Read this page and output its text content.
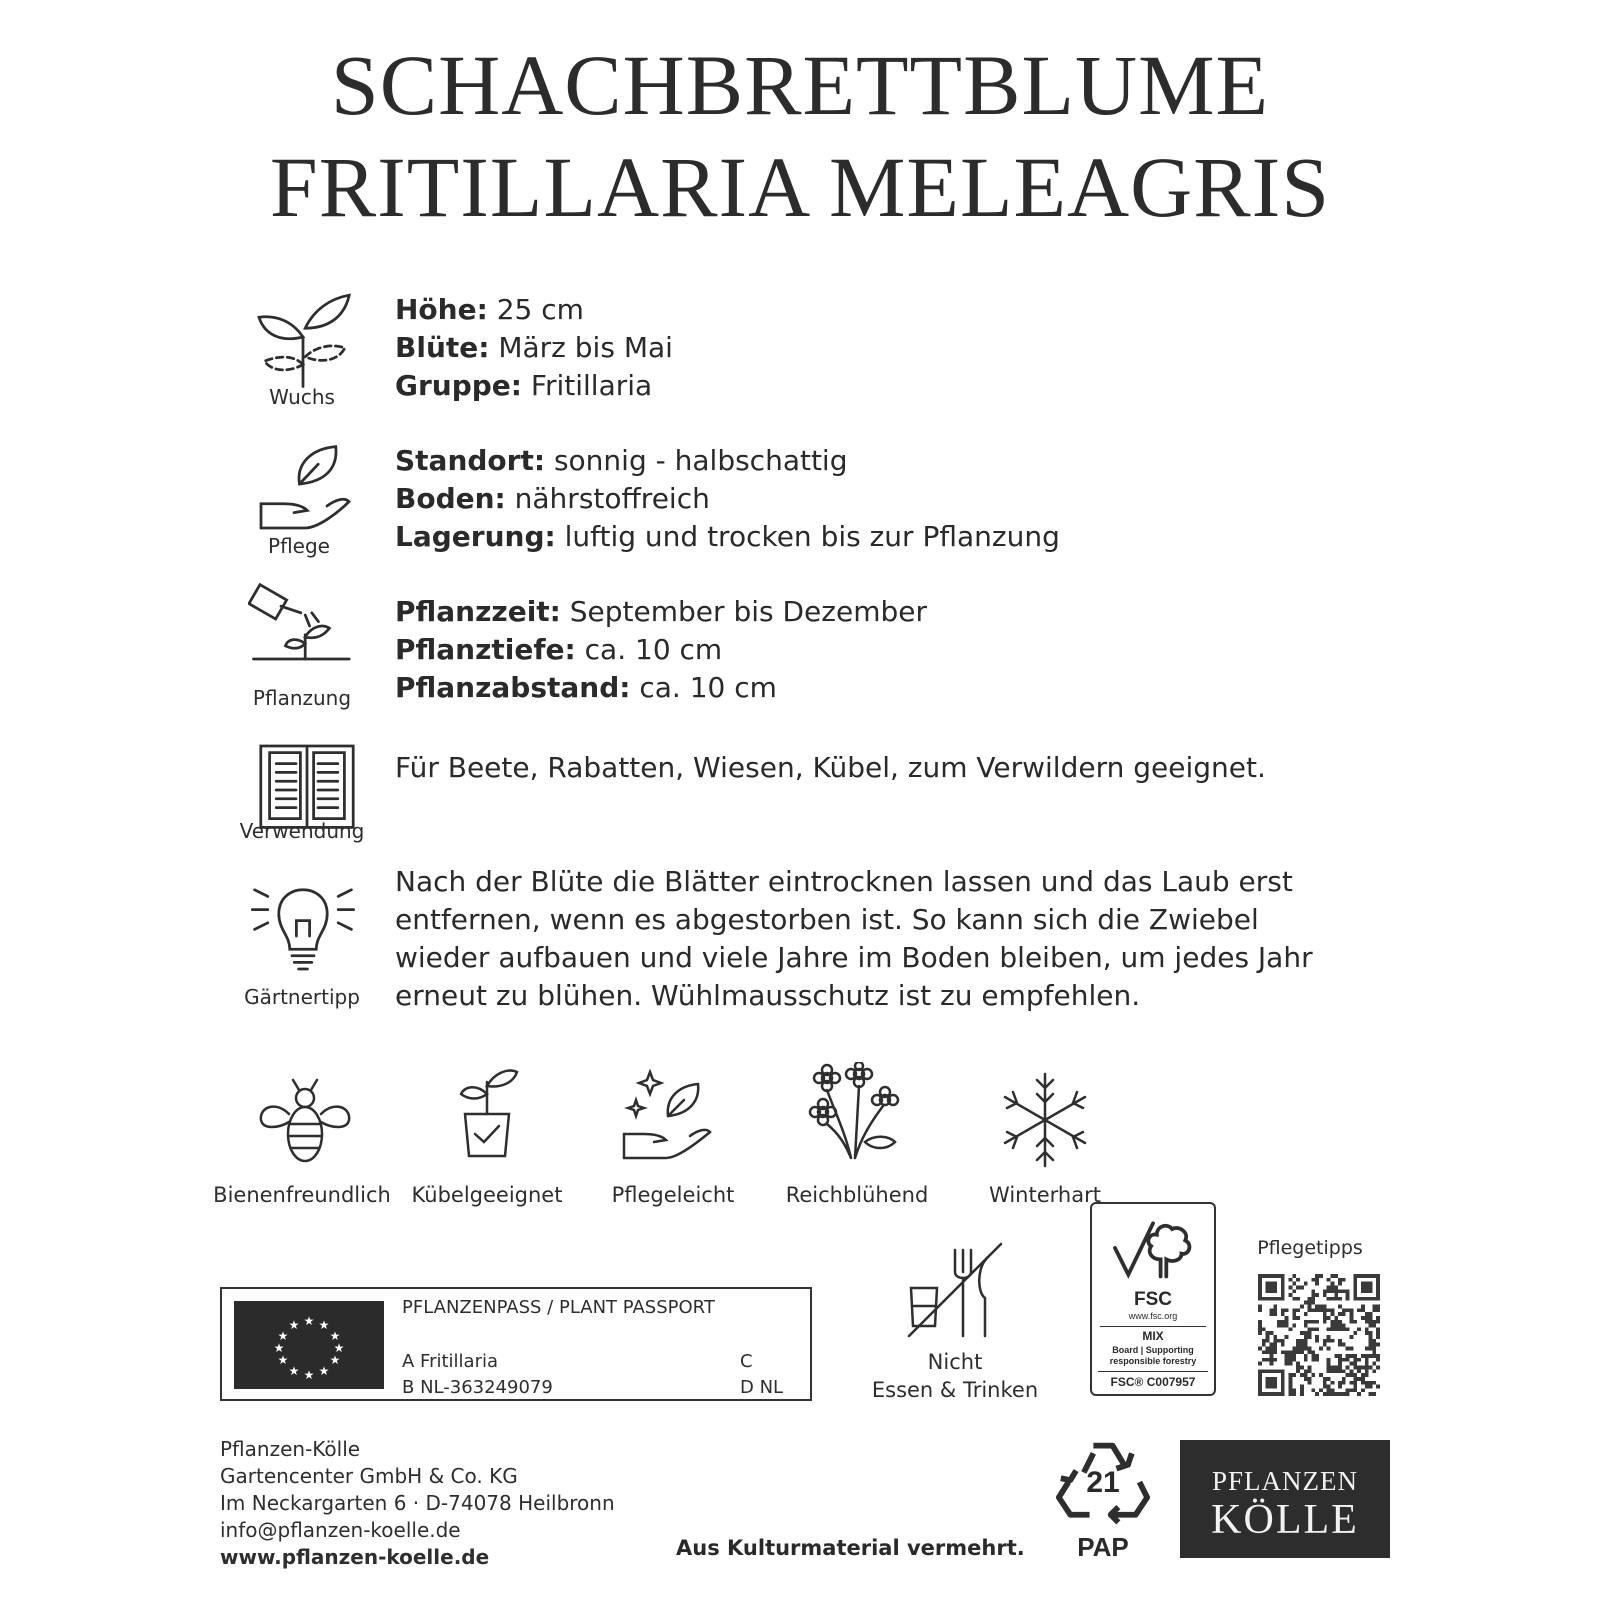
SCHACHBRETTBLUME
FRITILLARIA MELEAGRIS
Wuchs
Höhe: 25 cm
Blüte: März bis Mai
Gruppe: Fritillaria
Pflege
Standort: sonnig - halbschattig
Boden: nährstoffreich
Lagerung: luftig und trocken bis zur Pflanzung
Pflanzung
Pflanzzeit: September bis Dezember
Pflanztiefe: ca. 10 cm
Pflanzabstand: ca. 10 cm
Verwendung
Für Beete, Rabatten, Wiesen, Kübel, zum Verwildern geeignet.
Gärtnertipp
Nach der Blüte die Blätter eintrocknen lassen und das Laub erst
entfernen, wenn es abgestorben ist. So kann sich die Zwiebel
wieder aufbauen und viele Jahre im Boden bleiben, um jedes Jahr
erneut zu blühen. Wühlmausschutz ist zu empfehlen.
Bienenfreundlich Kübelgeeignet	Pflegeleicht	Reichblühend	Winterhart
★ ★
★
★
★
★
★
★
★
★
★
★
PFLANZENPASS / PLANT PASSPORT
A Fritillaria
B NL-363249079
C
D NL
Nicht
Essen & Trinken
FSC
www.fsc.org
MIX
Board | Supporting
responsible forestry
FSC® C007957
Pflegetipps
Pflanzen-Kölle
Gartencenter GmbH & Co. KG
Im Neckargarten 6 · D-74078 Heilbronn
info@pflanzen-koelle.de
www.pflanzen-koelle.de	Aus Kulturmaterial vermehrt.
21
PAP
PFLANZEN
KÖLLE
